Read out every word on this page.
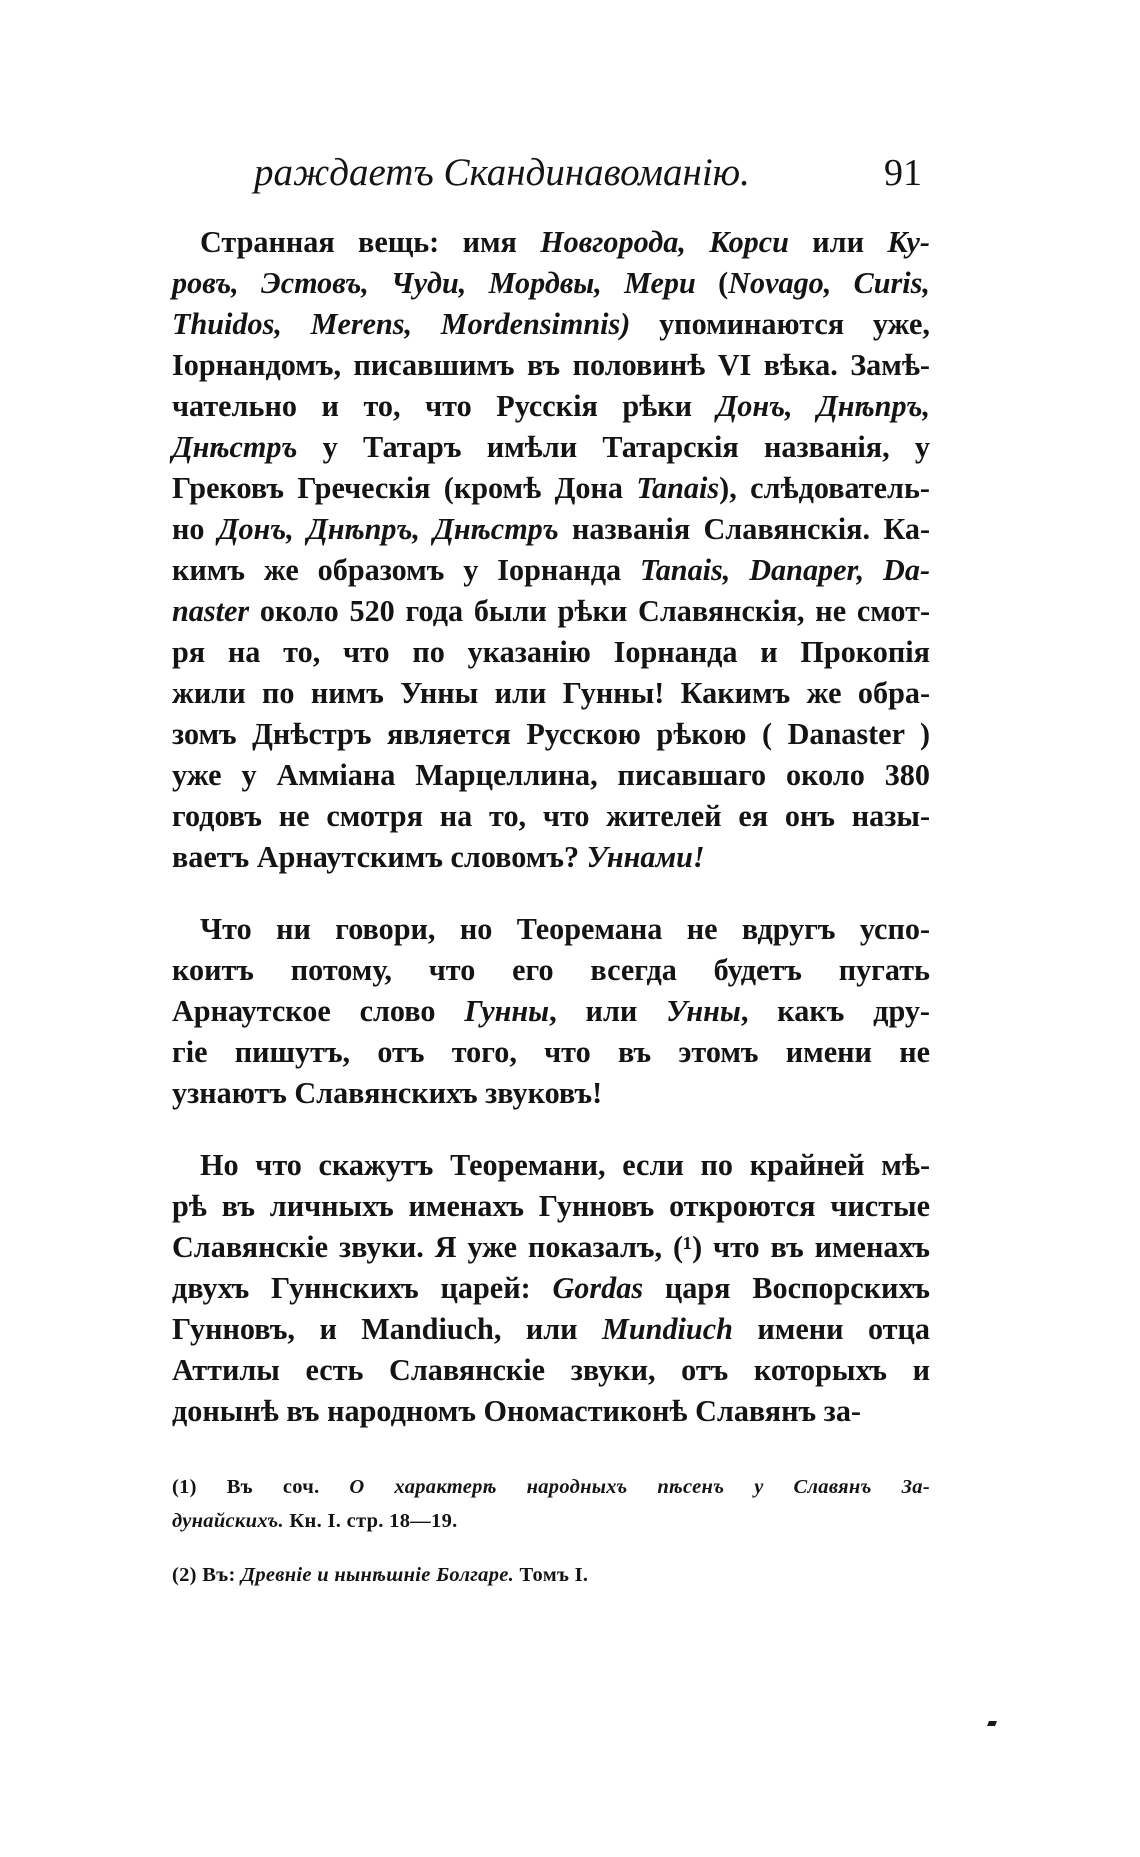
раждаетъ Скандинавоманію.	91
Странная вещь: имя Новгорода, Корси или Ку-
ровъ, Эстовъ, Чуди, Мордвы, Мери (Novago, Curis,
Thuidos, Merens, Mordensimnis) упоминаются уже,
Іорнандомъ, писавшимъ въ половинѣ VI вѣка. Замѣ-
чательно и то, что Русскія рѣки Донъ, Днѣпръ,
Днѣстръ у Татаръ имѣли Татарскія названія, у
Грековъ Греческія (кромѣ Дона Tanais), слѣдователь-
но Донъ, Днѣпръ, Днѣстръ названія Славянскія. Ка-
кимъ же образомъ у Іорнанда Tanais, Danaper, Da-
naster около 520 года были рѣки Славянскія, не смот-
ря на то, что по указанію Іорнанда и Прокопія
жили по нимъ Унны или Гунны! Какимъ же обра-
зомъ Днѣстръ является Русскою рѣкою ( Danaster )
уже у Амміана Марцеллина, писавшаго около 380
годовъ не смотря на то, что жителей ея онъ назы-
ваетъ Арнаутскимъ словомъ? Уннами!
Что ни говори, но Теоремана не вдругъ успо-
коитъ потому, что его всегда будетъ пугать
Арнаутское слово Гунны, или Унны, какъ дру-
гіе пишутъ, отъ того, что въ этомъ имени не
узнаютъ Славянскихъ звуковъ!
Но что скажутъ Теоремани, если по крайней мѣ-
рѣ въ личныхъ именахъ Гунновъ откроются чистые
Славянскіе звуки. Я уже показалъ, (¹) что въ именахъ
двухъ Гуннскихъ царей: Gordas царя Воспорскихъ
Гунновъ, и Mandiuch, или Mundiuch имени отца
Аттилы есть Славянскіе звуки, отъ которыхъ и
донынѣ въ народномъ Ономастиконѣ Славянъ за-
(1) Въ соч. О характерѣ народныхъ пѣсенъ у Славянъ За-
дунайскихъ. Кн. I. стр. 18—19.
(2) Въ: Древніе и нынѣшніе Болгаре. Томъ I.
